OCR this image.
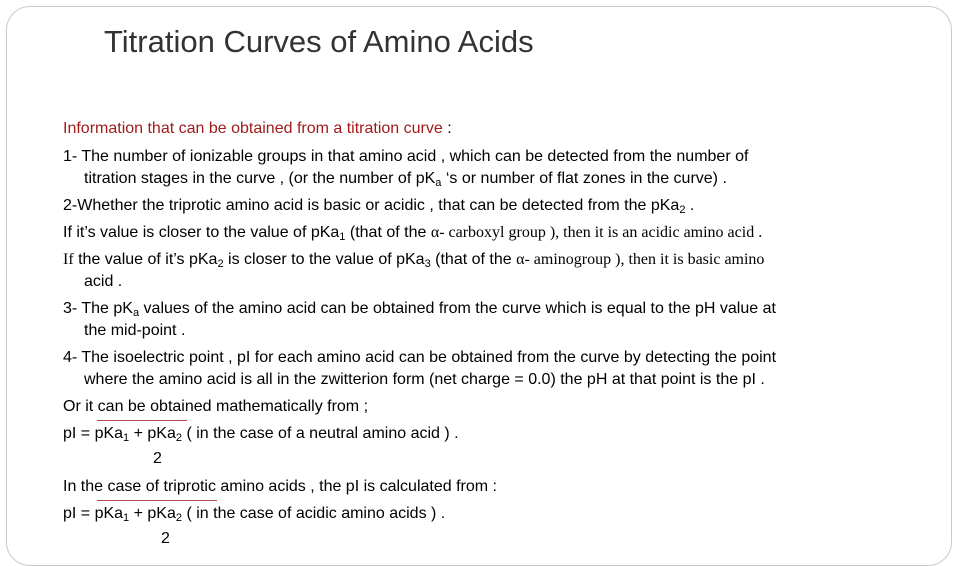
Titration Curves of Amino Acids

Information that can be obtained from a titration curve :

1- The number of ionizable groups in that amino acid , which can be detected from the number of
titration stages in the curve , (or the number of $pK_a$ ‘s or number of flat zones in the curve) .

2-Whether the triprotic amino acid is basic or acidic , that can be detected from the pKa$_2$ .

If it’s value is closer to the value of pKa$_1$ (that of the α- carboxyl group ), then it is an acidic amino acid .

If the value of it’s pKa$_2$ is closer to the value of pKa$_3$ (that of the α- aminogroup ), then it is basic amino
acid .

3- The $pK_a$ values of the amino acid can be obtained from the curve which is equal to the pH value at
the mid-point .

4- The isoelectric point , pI for each amino acid can be obtained from the curve by detecting the point
where the amino acid is all in the zwitterion form (net charge = 0.0) the pH at that point is the pI .

Or it can be obtained mathematically from ;

pI = pKa$_1$ + pKa$_2$ ( in the case of a neutral amino acid ) .

2

In the case of triprotic amino acids , the pI is calculated from :

pI = pKa$_1$ + pKa$_2$ ( in the case of acidic amino acids ) .

2
